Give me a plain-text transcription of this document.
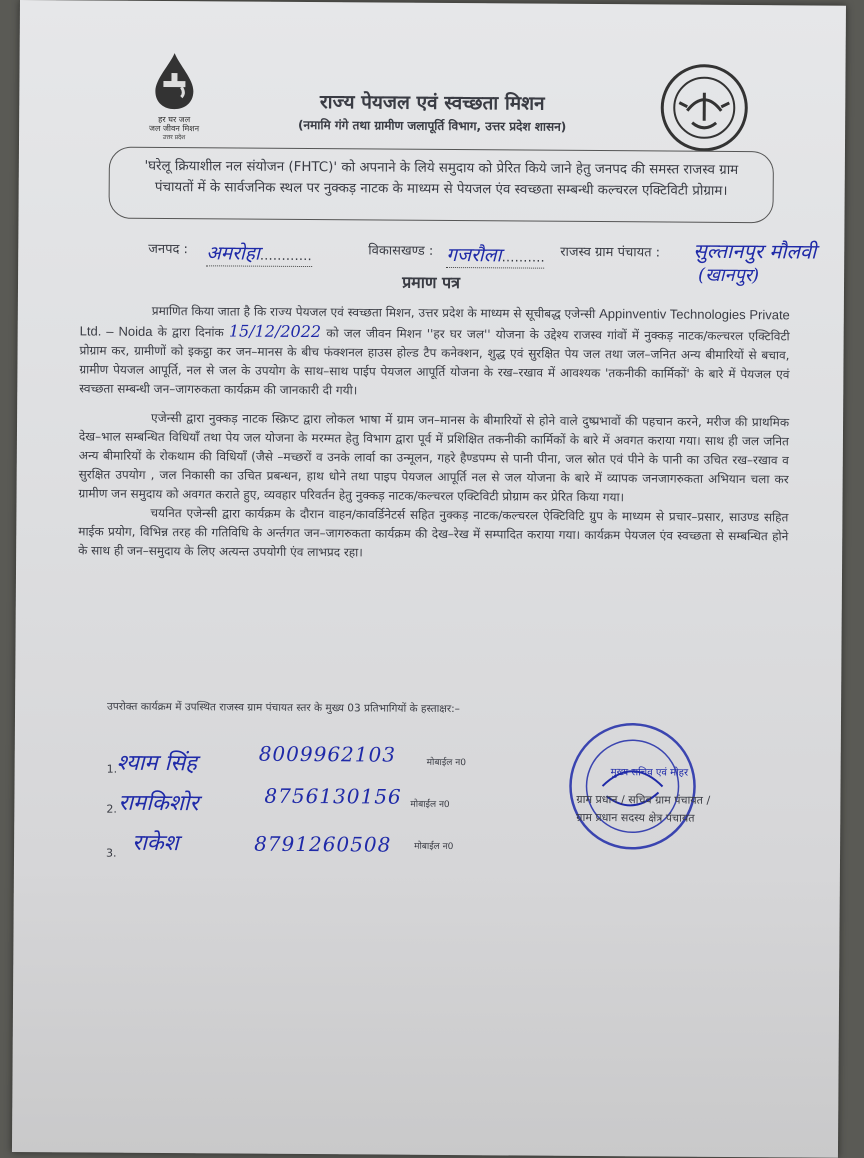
हर घर जल
जल जीवन मिशन
उत्तर प्रदेश
राज्य पेयजल एवं स्वच्छता मिशन
(नमामि गंगे तथा ग्रामीण जलापूर्ति विभाग, उत्तर प्रदेश शासन)
'घरेलू क्रियाशील नल संयोजन (FHTC)' को अपनाने के लिये समुदाय को प्रेरित किये जाने हेतु जनपद की समस्त राजस्व ग्राम पंचायतों में के सार्वजनिक स्थल पर नुक्कड़ नाटक के माध्यम से पेयजल एंव स्वच्छता सम्बन्धी कल्चरल एक्टिविटी प्रोग्राम।
जनपद : अमरोहा…………	विकासखण्ड : गजरौला………. राजस्व ग्राम पंचायत : सुल्तानपुर मौलवी
(खानपुर)
प्रमाण पत्र

प्रमाणित किया जाता है कि राज्य पेयजल एवं स्वच्छता मिशन, उत्तर प्रदेश के माध्यम से सूचीबद्ध एजेन्सी Appinventiv Technologies Private Ltd. – Noida के द्वारा दिनांक 15/12/2022 को जल जीवन मिशन ''हर घर जल'' योजना के उद्देश्य राजस्व गांवों में नुक्कड़ नाटक/कल्चरल एक्टिविटी प्रोग्राम कर, ग्रामीणों को इकट्ठा कर जन–मानस के बीच फंक्शनल हाउस होल्ड टैप कनेक्शन, शुद्ध एवं सुरक्षित पेय जल तथा जल–जनित अन्य बीमारियों से बचाव, ग्रामीण पेयजल आपूर्ति, नल से जल के उपयोग के साथ–साथ पाईप पेयजल आपूर्ति योजना के रख–रखाव में आवश्यक 'तकनीकी कार्मिकों' के बारे में पेयजल एवं स्वच्छता सम्बन्धी जन–जागरुकता कार्यक्रम की जानकारी दी गयी।

एजेन्सी द्वारा नुक्कड़ नाटक स्क्रिप्ट द्वारा लोकल भाषा में ग्राम जन–मानस के बीमारियों से होने वाले दुष्प्रभावों की पहचान करने, मरीज की प्राथमिक देख–भाल सम्बन्धित विधियाँ तथा पेय जल योजना के मरम्मत हेतु विभाग द्वारा पूर्व में प्रशिक्षित तकनीकी कार्मिकों के बारे में अवगत कराया गया। साथ ही जल जनित अन्य बीमारियों के रोकथाम की विधियाँ (जैसे –मच्छरों व उनके लार्वा का उन्मूलन, गहरे हैण्डपम्प से पानी पीना, जल स्रोत एवं पीने के पानी का उचित रख–रखाव व सुरक्षित उपयोग , जल निकासी का उचित प्रबन्धन, हाथ धोने तथा पाइप पेयजल आपूर्ति नल से जल योजना के बारे में व्यापक जनजागरुकता अभियान चला कर ग्रामीण जन समुदाय को अवगत कराते हुए, व्यवहार परिवर्तन हेतु नुक्कड़ नाटक/कल्चरल एक्टिविटी प्रोग्राम कर प्रेरित किया गया।

चयनित एजेन्सी द्वारा कार्यक्रम के दौरान वाहन/कावर्डिनेटर्स सहित नुक्कड़ नाटक/कल्चरल ऐक्टिविटि ग्रुप के माध्यम से प्रचार–प्रसार, साउण्ड सहित माईक प्रयोग, विभिन्न तरह की गतिविधि के अर्न्तगत जन–जागरुकता कार्यक्रम की देख–रेख में सम्पादित कराया गया। कार्यक्रम पेयजल एंव स्वच्छता से सम्बन्धित होने के साथ ही जन–समुदाय के लिए अत्यन्त उपयोगी एंव लाभप्रद रहा।

उपरोक्त कार्यक्रम में उपस्थित राजस्व ग्राम पंचायत स्तर के मुख्य 03 प्रतिभागियों के हस्ताक्षर:–
1. श्याम सिंह	8009962103	मोबाईल न0
2. रामकिशोर	8756130156 मोबाईल न0
3. राकेश	8791260508	मोबाईल न0
मुख्य सचिव एवं मोहर
ग्राम प्रधान / सचिव ग्राम पंचायत /
ग्राम प्रधान सदस्य क्षेत्र पंचायत
